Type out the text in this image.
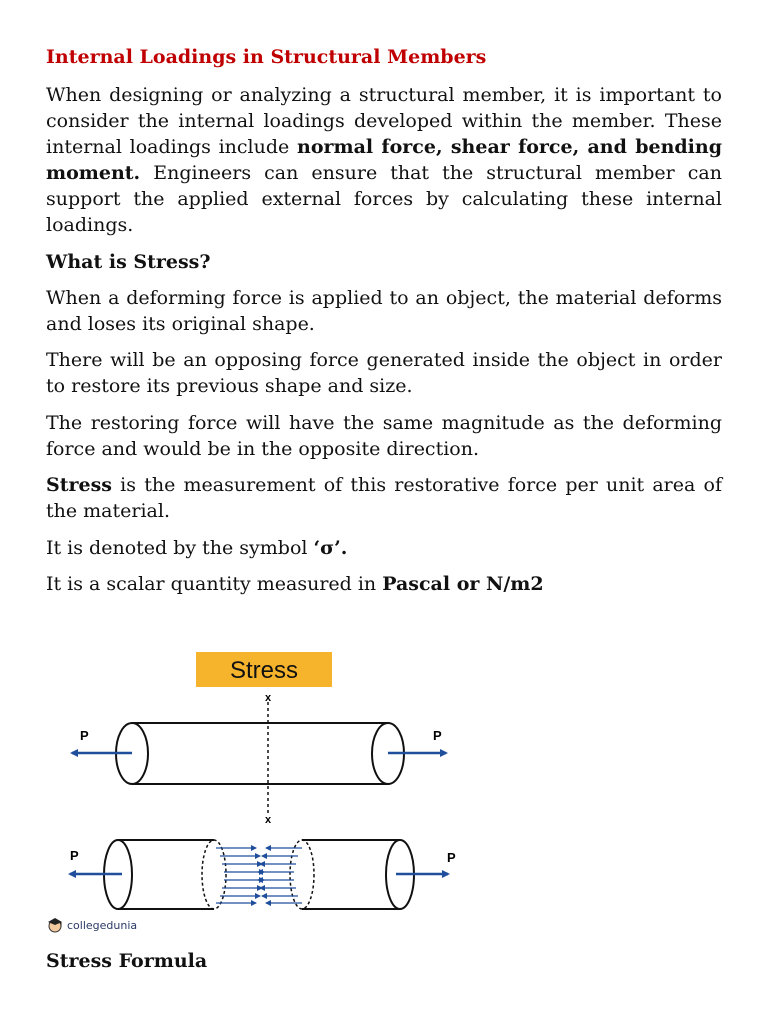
Internal Loadings in Structural Members

When designing or analyzing a structural member, it is important to consider the internal loadings developed within the member. These internal loadings include normal force, shear force, and bending moment. Engineers can ensure that the structural member can support the applied external forces by calculating these internal loadings.

What is Stress?

When a deforming force is applied to an object, the material deforms and loses its original shape.

There will be an opposing force generated inside the object in order to restore its previous shape and size.

The restoring force will have the same magnitude as the deforming force and would be in the opposite direction.

Stress is the measurement of this restorative force per unit area of the material.

It is denoted by the symbol ‘σ’.

It is a scalar quantity measured in Pascal or N/m2

Stress
x
x
P	P
P	P
collegedunia
Stress Formula
